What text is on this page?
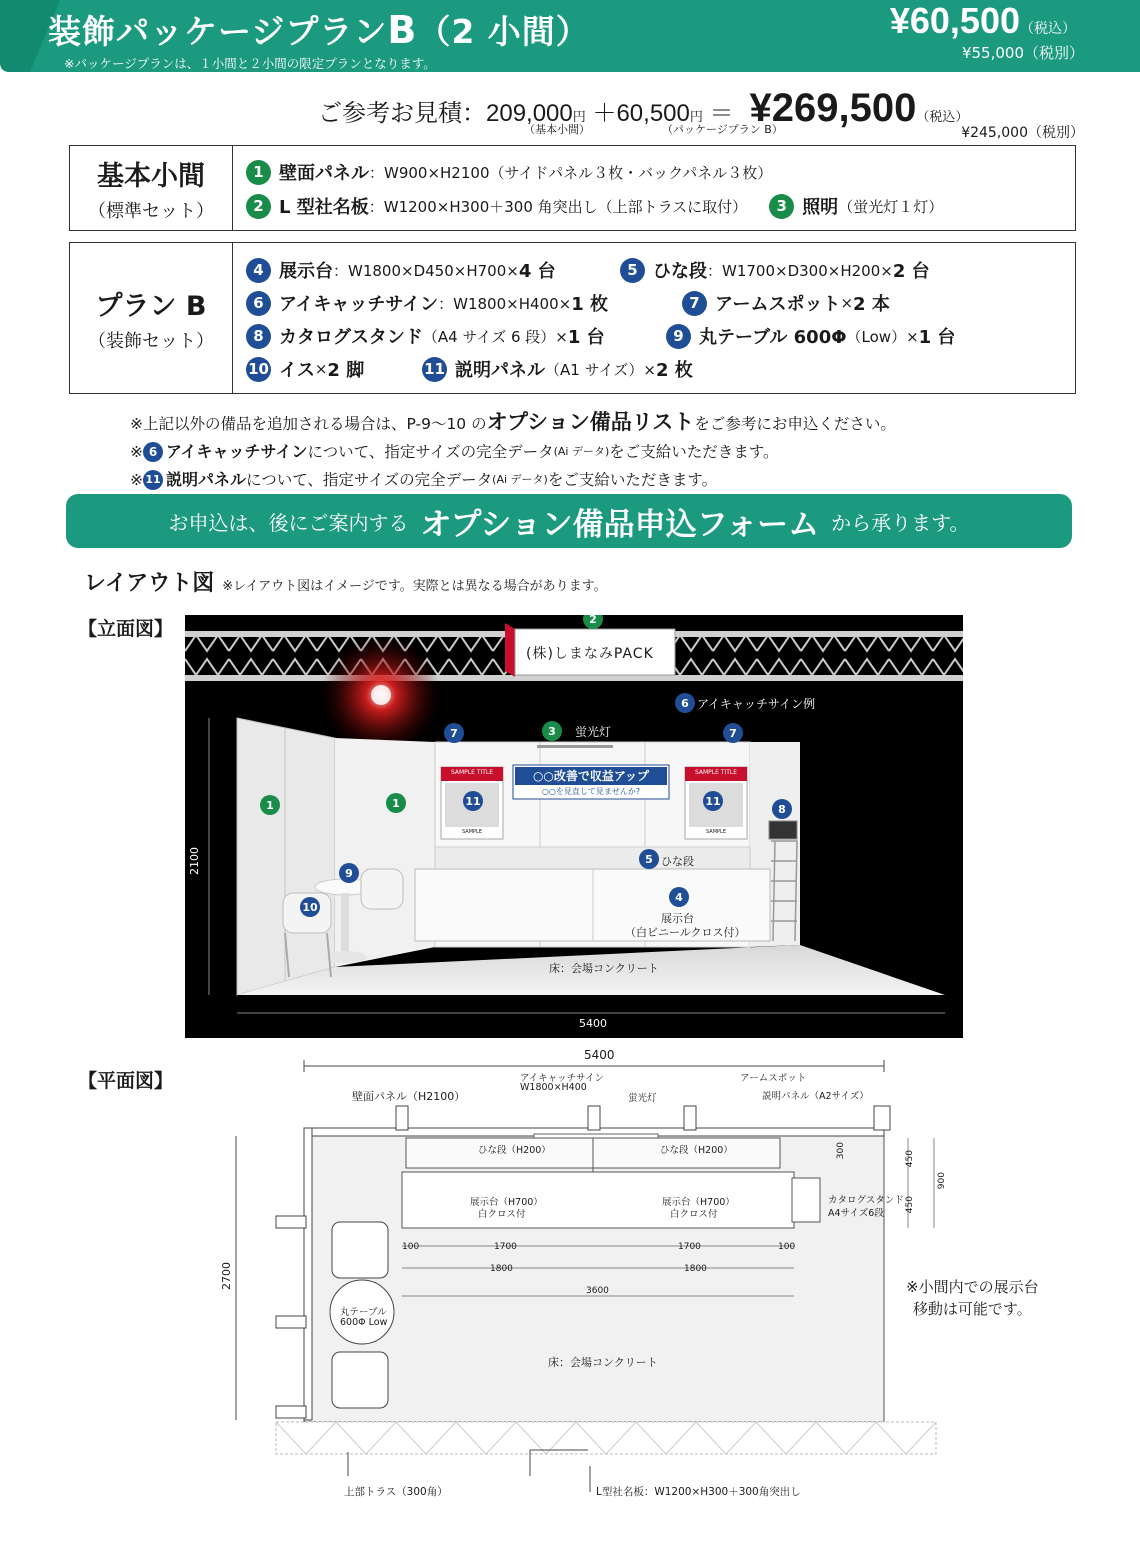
装飾パッケージプランB（2 小間）
※パッケージプランは、１小間と２小間の限定プランとなります。
¥60,500（税込）
¥55,000（税別）
ご参考お見積：209,000円 ＋60,500円 ＝ ¥269,500（税込）
（基本小間）	（パッケージプラン B）	¥245,000（税別）
基本小間
（標準セット）
1 壁面パネル ：W900×H2100（サイドパネル３枚・バックパネル３枚）
2 L 型社名板 ：W1200×H300＋300 角突出し（上部トラスに取付）	3 照明 （蛍光灯１灯）
プラン B
（装飾セット）
4 展示台 ：W1800×D450×H700× 4 台	5 ひな段 ：W1700×D300×H200× 2 台
6 アイキャッチサイン ：W1800×H400× 1 枚	7 アームスポット × 2 本
8 カタログスタンド （A4 サイズ 6 段）× 1 台	9 丸テーブル 600Φ （Low）× 1 台
10 イス × 2 脚	11 説明パネル （A1 サイズ）× 2 枚
※上記以外の備品を追加される場合は、P-9～10 のオプション備品リストをご参考にお申込ください。
※ 6 アイキャッチサイン について、指定サイズの完全データ (Ai データ) をご支給いただきます。
※ 11 説明パネル について、指定サイズの完全データ (Ai データ) をご支給いただきます。
お申込は、後にご案内する オプション備品申込フォーム から承ります。
レイアウト図 ※レイアウト図はイメージです。実際とは異なる場合があります。
【立面図】
【平面図】
(株)しまなみPACK
2
6 アイキャッチサイン例
7	7
3	蛍光灯
○○改善で収益アップ
○○を見直して見ませんか?
SAMPLE TITLE	SAMPLE TITLE
SAMPLE	SAMPLE
11	11
1	1	8
5 ひな段
9
4
展示台
（白ビニールクロス付）
10
床：会場コンクリート
2100
5400
5400
2700
壁面パネル（H2100）
アイキャッチサイン
W1800×H400
蛍光灯
アームスポット
説明パネル（A2サイズ）
ひな段（H200）	ひな段（H200）
展示台（H700）
白クロス付
展示台（H700）
白クロス付
カタログスタンド
A4サイズ6段
丸テーブル
600Φ Low
床：会場コンクリート
100	1700	1700	100
1800	1800
3600
300	450
450
900
上部トラス（300角）	L型社名板：W1200×H300＋300角突出し
※小間内での展示台
移動は可能です。
